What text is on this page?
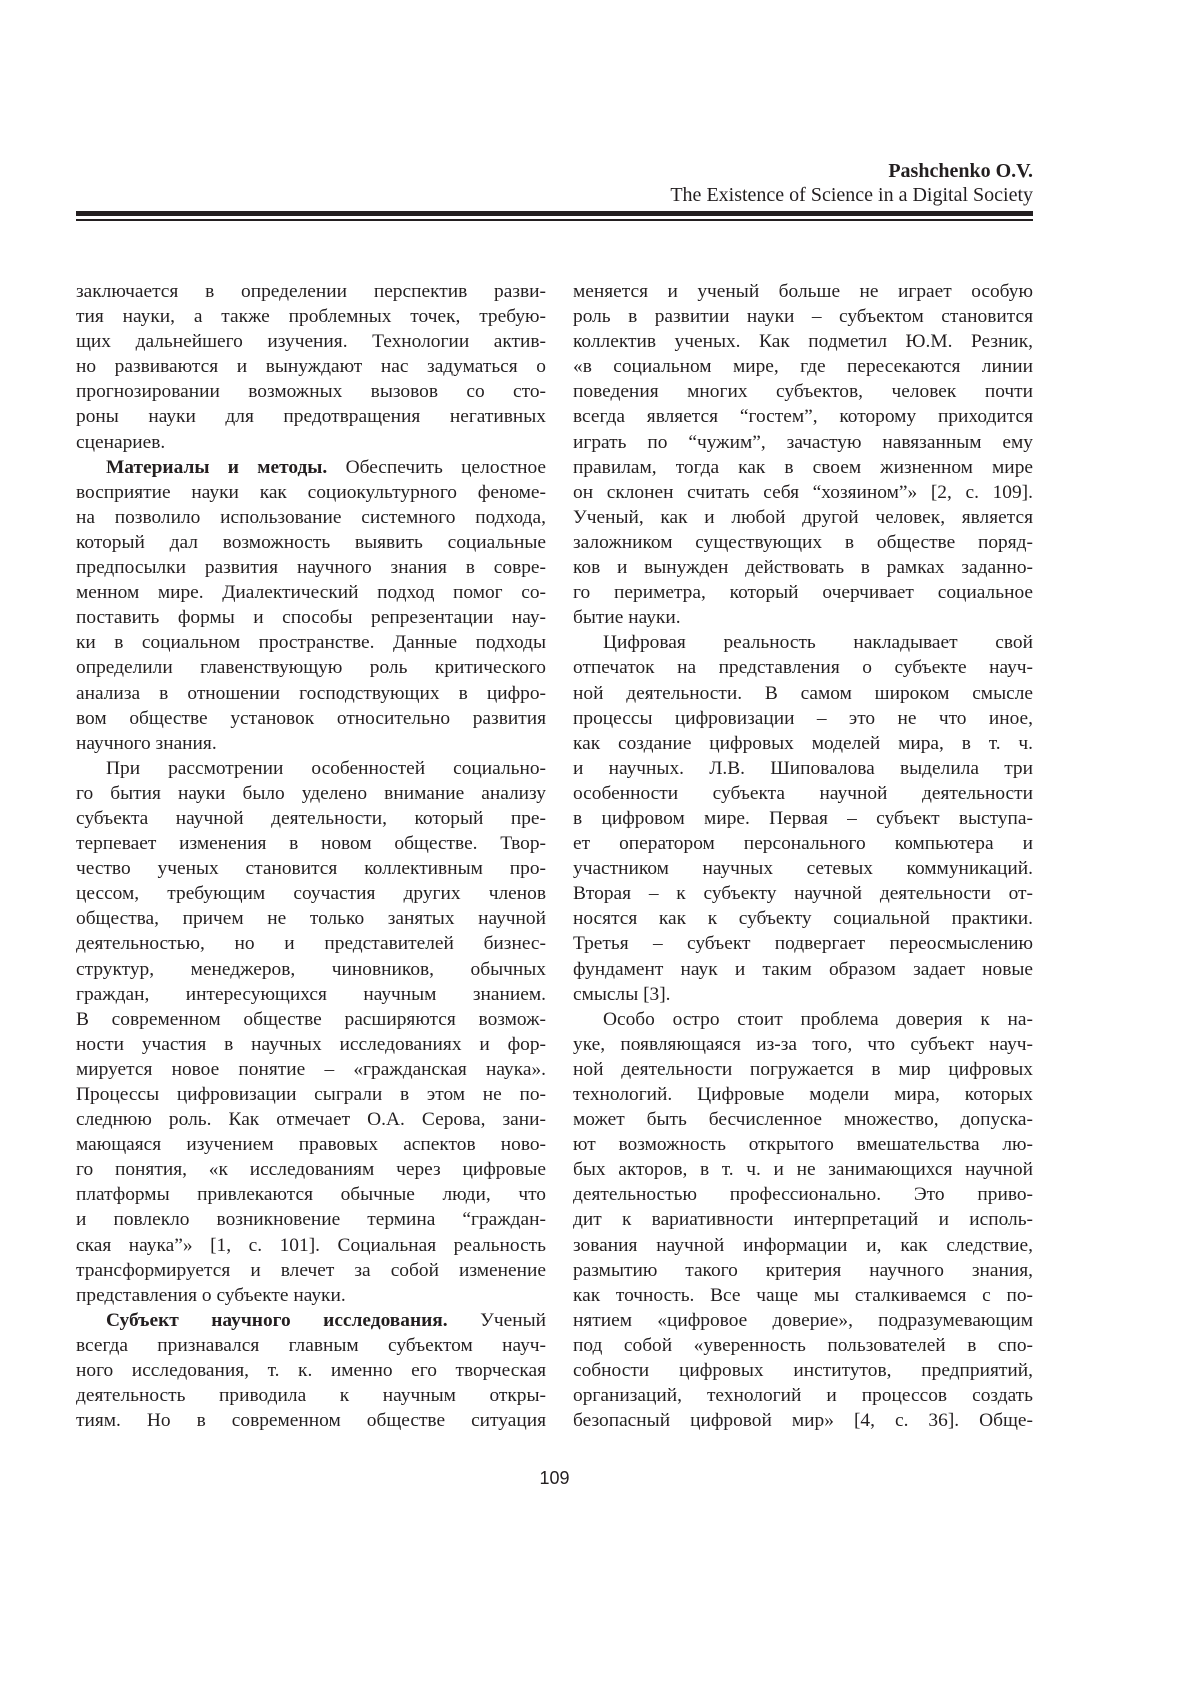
Pashchenko O.V.
The Existence of Science in a Digital Society
заключается в определении перспектив разви-
тия науки, а также проблемных точек, требую-
щих дальнейшего изучения. Технологии актив-
но развиваются и вынуждают нас задуматься о
прогнозировании возможных вызовов со сто-
роны науки для предотвращения негативных
сценариев.
Материалы и методы. Обеспечить целостное
восприятие науки как социокультурного феноме-
на позволило использование системного подхода,
который дал возможность выявить социальные
предпосылки развития научного знания в совре-
менном мире. Диалектический подход помог со-
поставить формы и способы репрезентации нау-
ки в социальном пространстве. Данные подходы
определили главенствующую роль критического
анализа в отношении господствующих в цифро-
вом обществе установок относительно развития
научного знания.
При рассмотрении особенностей социально-
го бытия науки было уделено внимание анализу
субъекта научной деятельности, который пре-
терпевает изменения в новом обществе. Твор-
чество ученых становится коллективным про-
цессом, требующим соучастия других членов
общества, причем не только занятых научной
деятельностью, но и представителей бизнес-
структур, менеджеров, чиновников, обычных
граждан, интересующихся научным знанием.
В современном обществе расширяются возмож-
ности участия в научных исследованиях и фор-
мируется новое понятие – «гражданская наука».
Процессы цифровизации сыграли в этом не по-
следнюю роль. Как отмечает О.А. Серова, зани-
мающаяся изучением правовых аспектов ново-
го понятия, «к исследованиям через цифровые
платформы привлекаются обычные люди, что
и повлекло возникновение термина “граждан-
ская наука”» [1, с. 101]. Социальная реальность
трансформируется и влечет за собой изменение
представления о субъекте науки.
Субъект научного исследования. Ученый
всегда признавался главным субъектом науч-
ного исследования, т. к. именно его творческая
деятельность приводила к научным откры-
тиям. Но в современном обществе ситуация
меняется и ученый больше не играет особую
роль в развитии науки – субъектом становится
коллектив ученых. Как подметил Ю.М. Резник,
«в социальном мире, где пересекаются линии
поведения многих субъектов, человек почти
всегда является “гостем”, которому приходится
играть по “чужим”, зачастую навязанным ему
правилам, тогда как в своем жизненном мире
он склонен считать себя “хозяином”» [2, с. 109].
Ученый, как и любой другой человек, является
заложником существующих в обществе поряд-
ков и вынужден действовать в рамках заданно-
го периметра, который очерчивает социальное
бытие науки.
Цифровая реальность накладывает свой
отпечаток на представления о субъекте науч-
ной деятельности. В самом широком смысле
процессы цифровизации – это не что иное,
как создание цифровых моделей мира, в т. ч.
и научных. Л.В. Шиповалова выделила три
особенности субъекта научной деятельности
в цифровом мире. Первая – субъект выступа-
ет оператором персонального компьютера и
участником научных сетевых коммуникаций.
Вторая – к субъекту научной деятельности от-
носятся как к субъекту социальной практики.
Третья – субъект подвергает переосмыслению
фундамент наук и таким образом задает новые
смыслы [3].
Особо остро стоит проблема доверия к на-
уке, появляющаяся из-за того, что субъект науч-
ной деятельности погружается в мир цифровых
технологий. Цифровые модели мира, которых
может быть бесчисленное множество, допуска-
ют возможность открытого вмешательства лю-
бых акторов, в т. ч. и не занимающихся научной
деятельностью профессионально. Это приво-
дит к вариативности интерпретаций и исполь-
зования научной информации и, как следствие,
размытию такого критерия научного знания,
как точность. Все чаще мы сталкиваемся с по-
нятием «цифровое доверие», подразумевающим
под собой «уверенность пользователей в спо-
собности цифровых институтов, предприятий,
организаций, технологий и процессов создать
безопасный цифровой мир» [4, с. 36]. Обще-
109
